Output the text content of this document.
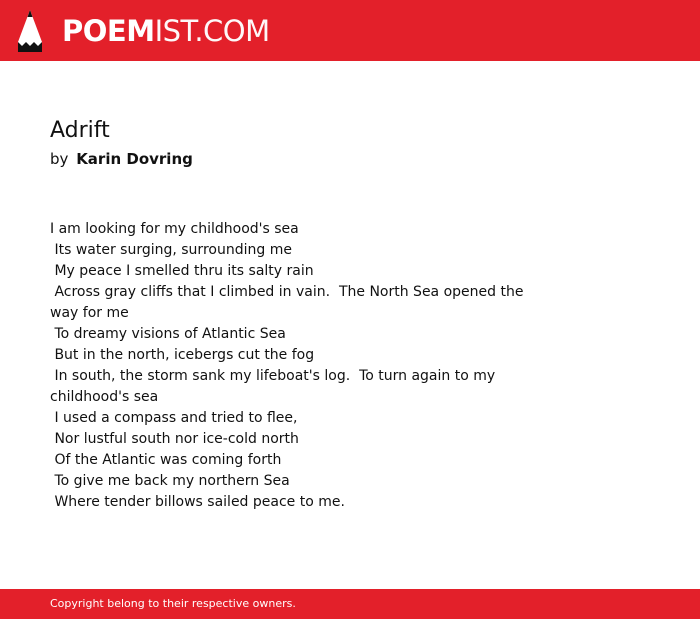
POEMIST.COM
Adrift
by Karin Dovring
I am looking for my childhood's sea
Its water surging, surrounding me
My peace I smelled thru its salty rain
Across gray cliffs that I climbed in vain.  The North Sea opened the way for me
To dreamy visions of Atlantic Sea
But in the north, icebergs cut the fog
In south, the storm sank my lifeboat's log.  To turn again to my childhood's sea
I used a compass and tried to flee,
Nor lustful south nor ice-cold north
Of the Atlantic was coming forth
To give me back my northern Sea
Where tender billows sailed peace to me.
Copyright belong to their respective owners.
